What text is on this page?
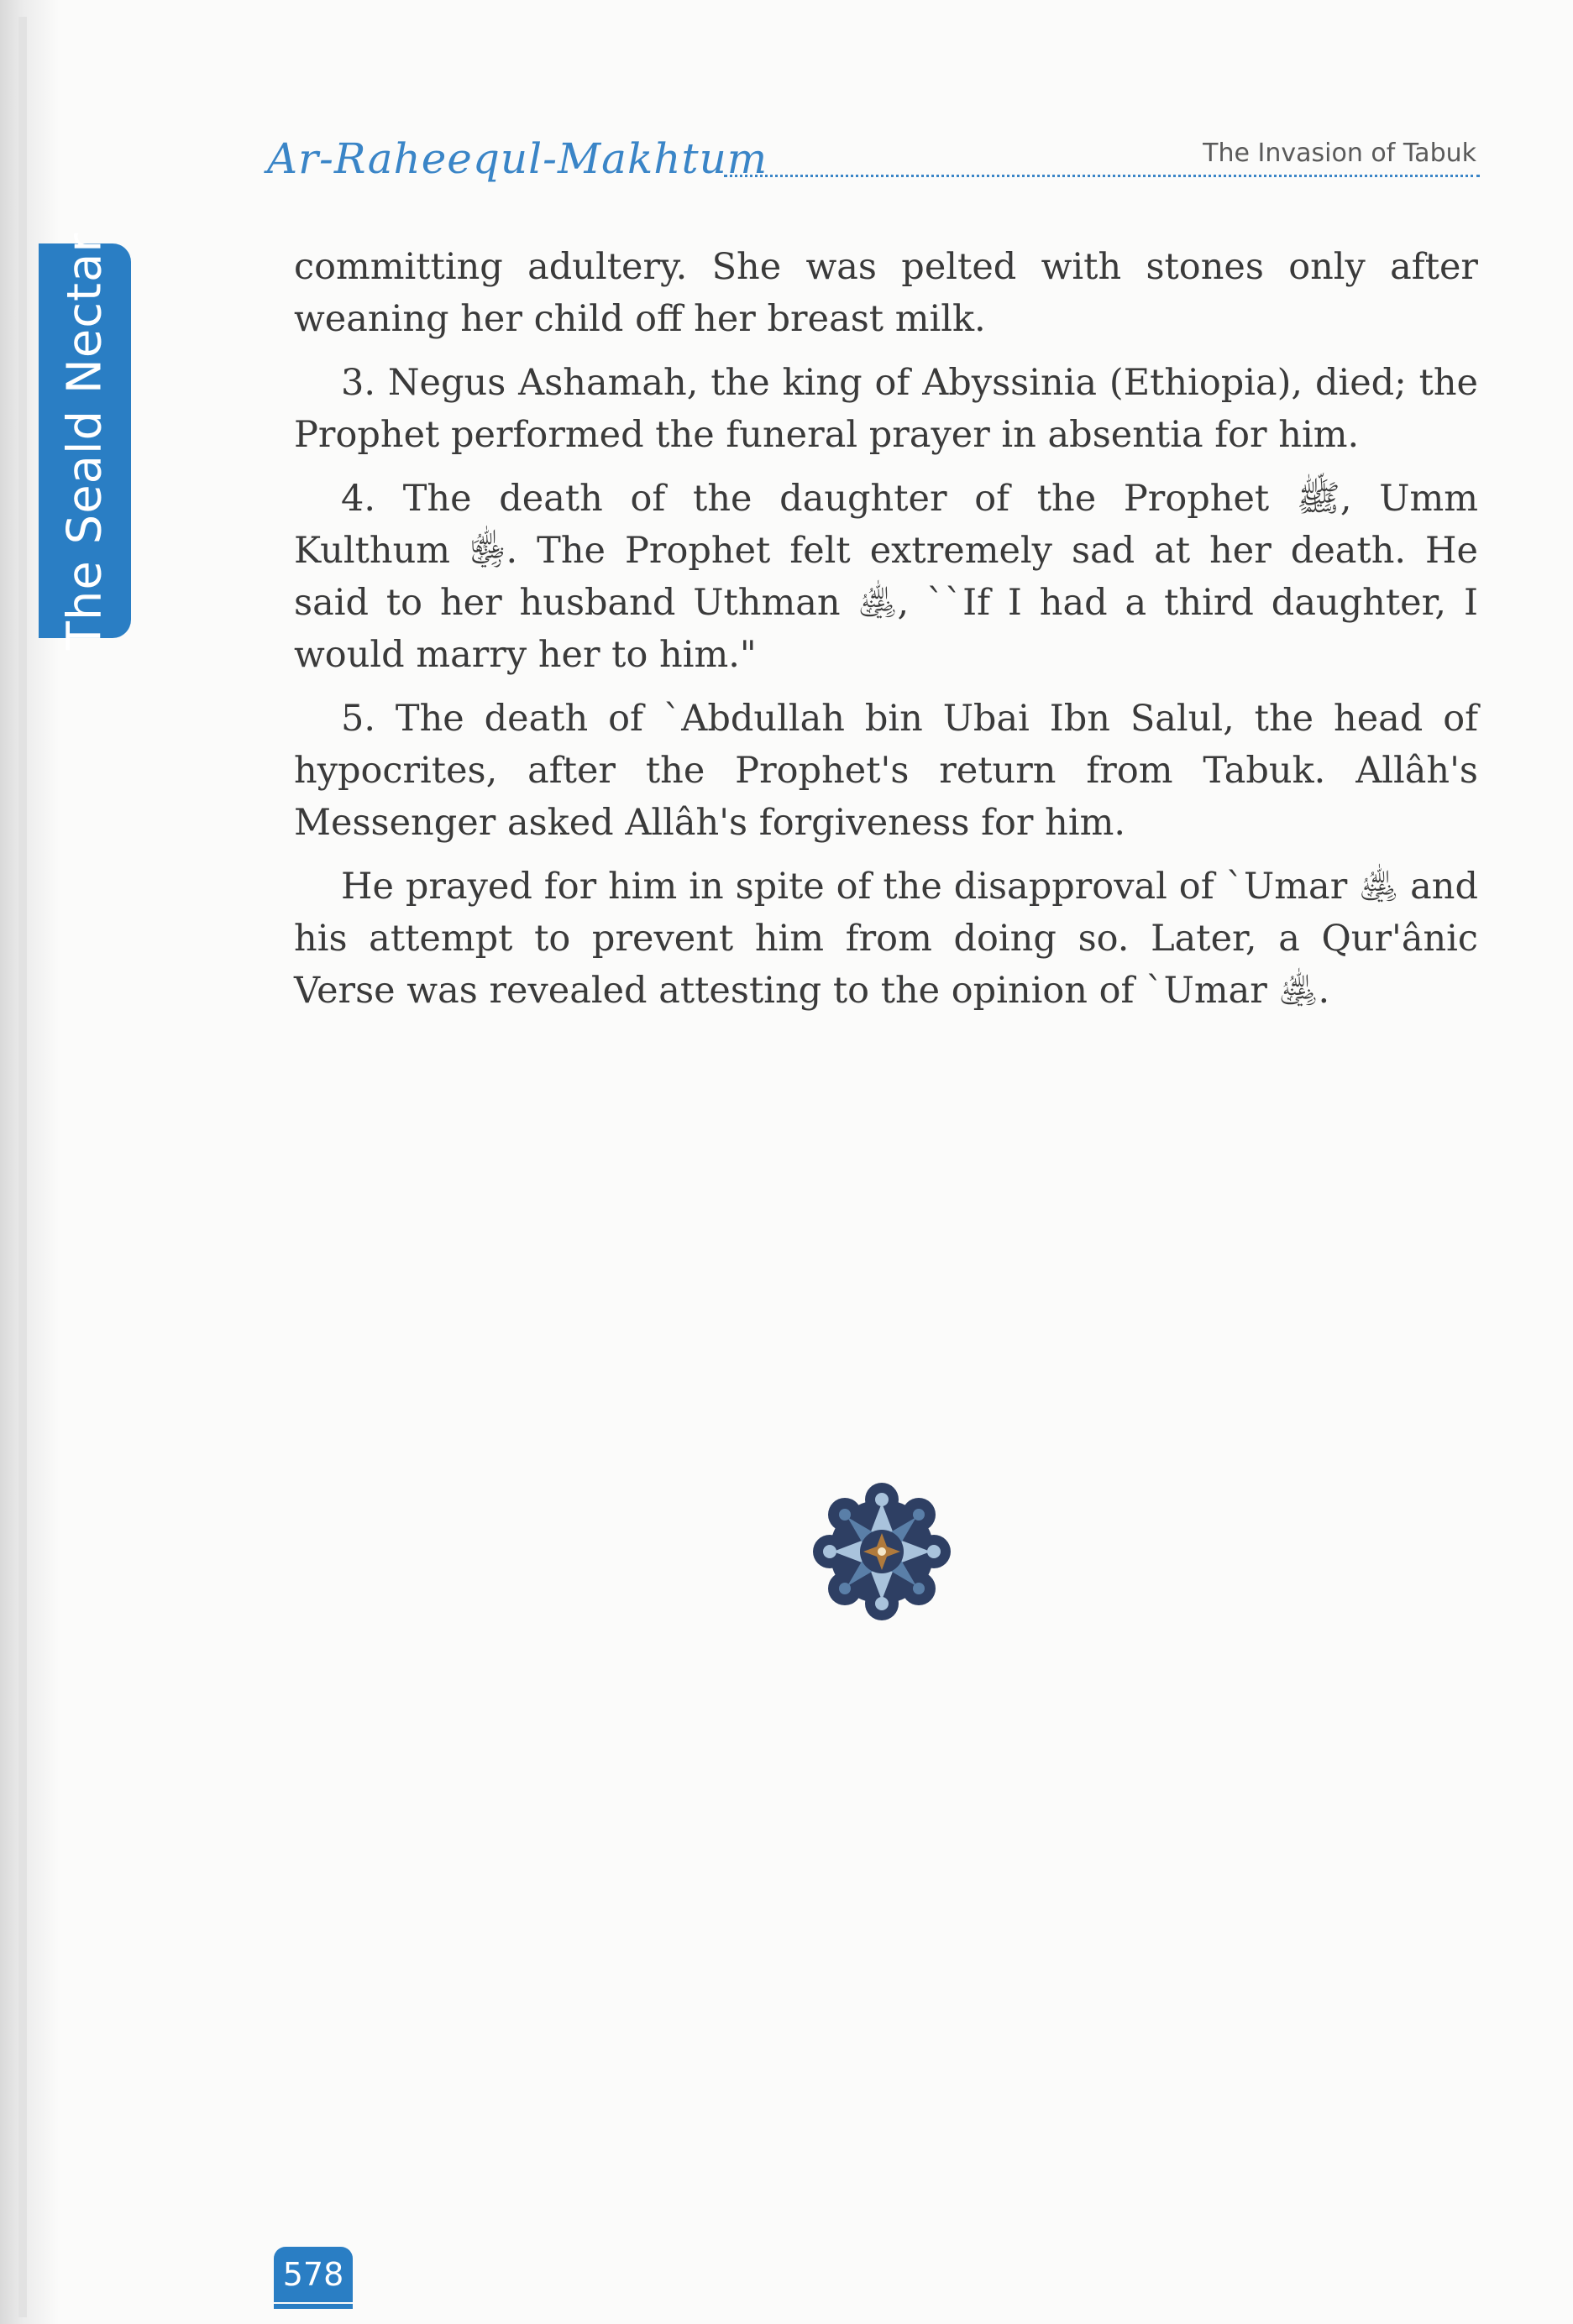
The Seald Nectar
Ar-Raheequl-Makhtum	The Invasion of Tabuk

committing adultery. She was pelted with stones only after weaning her child off her breast milk.

3. Negus Ashamah, the king of Abyssinia (Ethiopia), died; the Prophet performed the funeral prayer in absentia for him.

4. The death of the daughter of the Prophet ﷺ, Umm Kulthum ﵂. The Prophet felt extremely sad at her death. He said to her husband Uthman ﵁, ``If I had a third daughter, I would marry her to him."

5. The death of `Abdullah bin Ubai Ibn Salul, the head of hypocrites, after the Prophet's return from Tabuk. Allâh's Messenger asked Allâh's forgiveness for him.

He prayed for him in spite of the disapproval of `Umar ﵁ and his attempt to prevent him from doing so. Later, a Qur'ânic Verse was revealed attesting to the opinion of `Umar ﵁.

578
